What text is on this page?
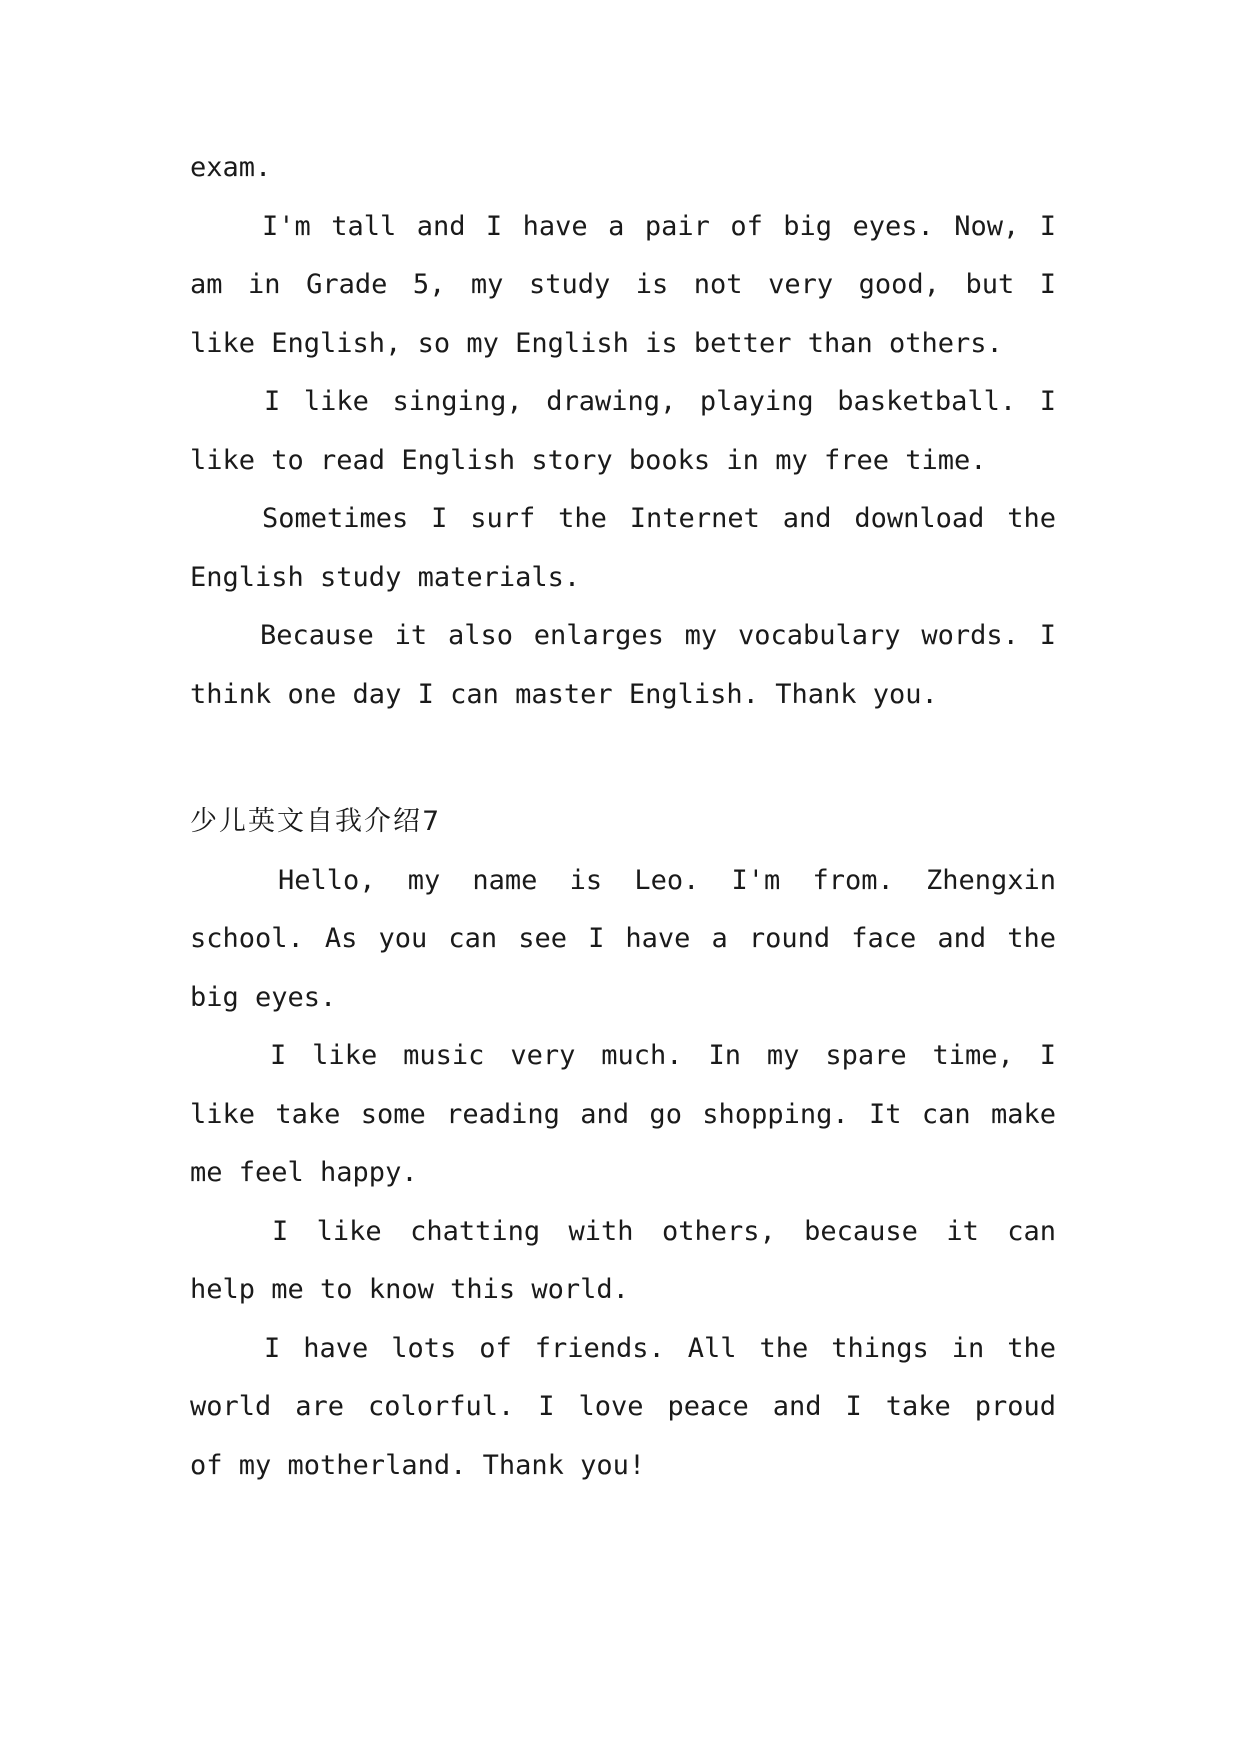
exam.
I'm tall and I have a pair of big eyes. Now, I
am in Grade 5, my study is not very good, but I
like English, so my English is better than others.
I like singing, drawing, playing basketball. I
like to read English story books in my free time.
Sometimes I surf the Internet and download the
English study materials.
Because it also enlarges my vocabulary words. I
think one day I can master English. Thank you.
少儿英文自我介绍7
Hello, my name is Leo. I'm from. Zhengxin
school. As you can see I have a round face and the
big eyes.
I like music very much. In my spare time, I
like take some reading and go shopping. It can make
me feel happy.
I like chatting with others, because it can
help me to know this world.
I have lots of friends. All the things in the
world are colorful. I love peace and I take proud
of my motherland. Thank you!
